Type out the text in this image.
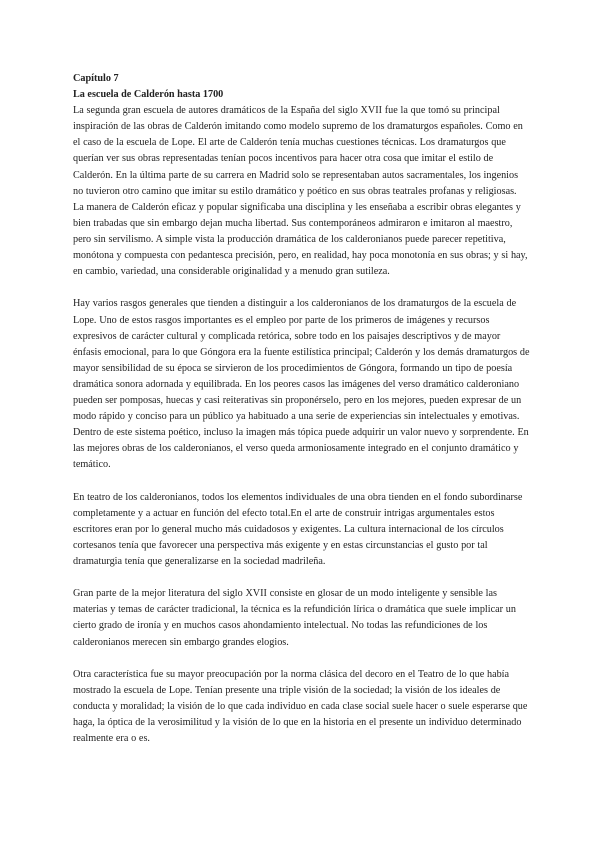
Capítulo 7
La escuela de Calderón hasta 1700

La segunda gran escuela de autores dramáticos de la España del siglo XVII fue la que tomó su principal inspiración de las obras de Calderón imitando como modelo supremo de los dramaturgos españoles. Como en el caso de la escuela de Lope. El arte de Calderón tenía muchas cuestiones técnicas. Los dramaturgos que querían ver sus obras representadas tenían pocos incentivos para hacer otra cosa que imitar el estilo de Calderón. En la última parte de su carrera en Madrid solo se representaban autos sacramentales, los ingenios no tuvieron otro camino que imitar su estilo dramático y poético en sus obras teatrales profanas y religiosas. La manera de Calderón eficaz y popular significaba una disciplina y les enseñaba a escribir obras elegantes y bien trabadas que sin embargo dejan mucha libertad. Sus contemporáneos admiraron e imitaron al maestro, pero sin servilismo. A simple vista la producción dramática de los calderonianos puede parecer repetitiva, monótona y compuesta con pedantesca precisión, pero, en realidad, hay poca monotonía en sus obras; y si hay, en cambio, variedad, una considerable originalidad y a menudo gran sutileza.

Hay varios rasgos generales que tienden a distinguir a los calderonianos de los dramaturgos de la escuela de Lope. Uno de estos rasgos importantes es el empleo por parte de los primeros de imágenes y recursos expresivos de carácter cultural y complicada retórica, sobre todo en los paisajes descriptivos y de mayor énfasis emocional, para lo que Góngora era la fuente estilística principal; Calderón y los demás dramaturgos de mayor sensibilidad de su época se sirvieron de los procedimientos de Góngora, formando un tipo de poesía dramática sonora adornada y equilibrada. En los peores casos las imágenes del verso dramático calderoniano pueden ser pomposas, huecas y casi reiterativas sin proponérselo, pero en los mejores, pueden expresar de un modo rápido y conciso para un público ya habituado a una serie de experiencias sin intelectuales y emotivas. Dentro de este sistema poético, incluso la imagen más tópica puede adquirir un valor nuevo y sorprendente. En las mejores obras de los calderonianos, el verso queda armoniosamente integrado en el conjunto dramático y temático.

En teatro de los calderonianos, todos los elementos individuales de una obra tienden en el fondo subordinarse completamente y a actuar en función del efecto total.En el arte de construir intrigas argumentales estos escritores eran por lo general mucho más cuidadosos y exigentes. La cultura internacional de los círculos cortesanos tenía que favorecer una perspectiva más exigente y en estas circunstancias el gusto por tal dramaturgia tenía que generalizarse en la sociedad madrileña.

Gran parte de la mejor literatura del siglo XVII consiste en glosar de un modo inteligente y sensible las materias y temas de carácter tradicional, la técnica es la refundición lírica o dramática que suele implicar un cierto grado de ironía y en muchos casos ahondamiento intelectual. No todas las refundiciones de los calderonianos merecen sin embargo grandes elogios.

Otra característica fue su mayor preocupación por la norma clásica del decoro en el Teatro de lo que había mostrado la escuela de Lope. Tenían presente una triple visión de la sociedad; la visión de los ideales de conducta y moralidad; la visión de lo que cada individuo en cada clase social suele hacer o suele esperarse que haga, la óptica de la verosimilitud y la visión de lo que en la historia en el presente un individuo determinado realmente era o es.
